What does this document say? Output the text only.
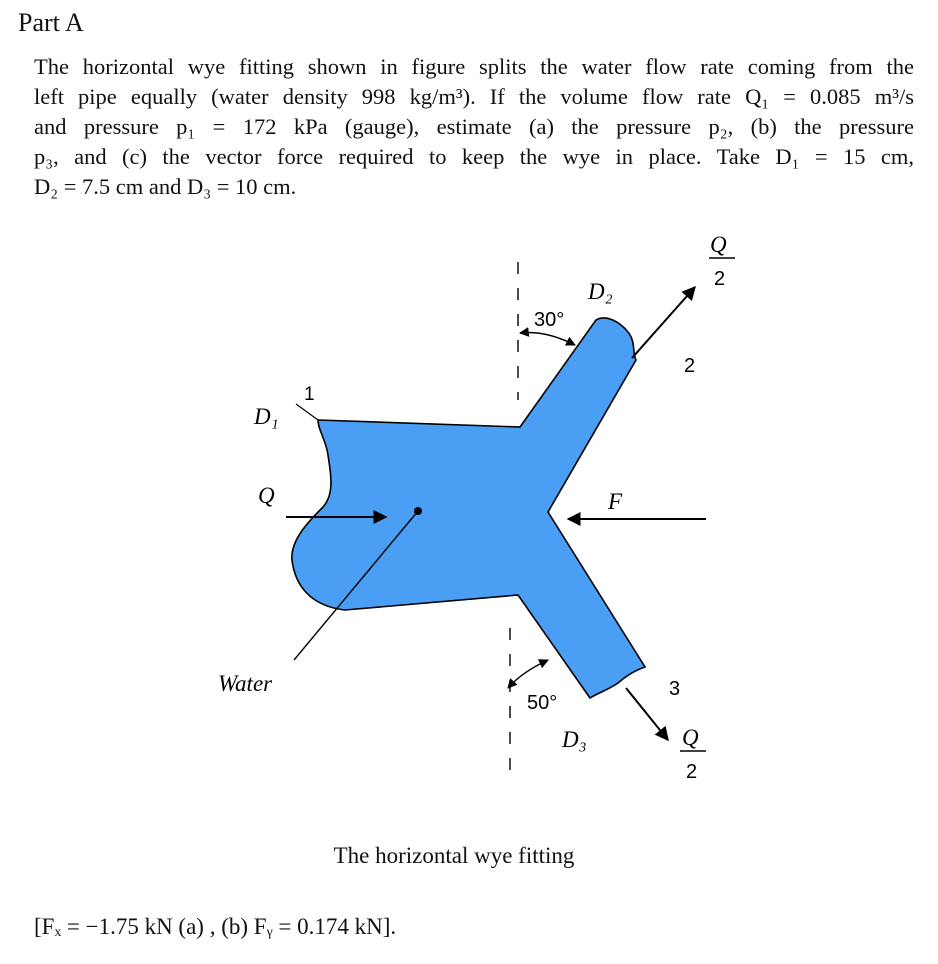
Part A

The horizontal wye fitting shown in figure splits the water flow rate coming from the
left pipe equally (water density 998 kg/m³). If the volume flow rate Q₁ = 0.085 m³/s
and pressure p₁ = 172 kPa (gauge), estimate (a) the pressure p₂, (b) the pressure
p₃, and (c) the vector force required to keep the wye in place. Take D₁ = 15 cm,
D₂ = 7.5 cm and D₃ = 10 cm.

D₁
1
Q
Water
30°
D₂
Q
2
2
F
50°
D₃
3
Q
2
The horizontal wye fitting
[Fₓ = −1.75 kN (a) , (b) Fᵧ = 0.174 kN].
